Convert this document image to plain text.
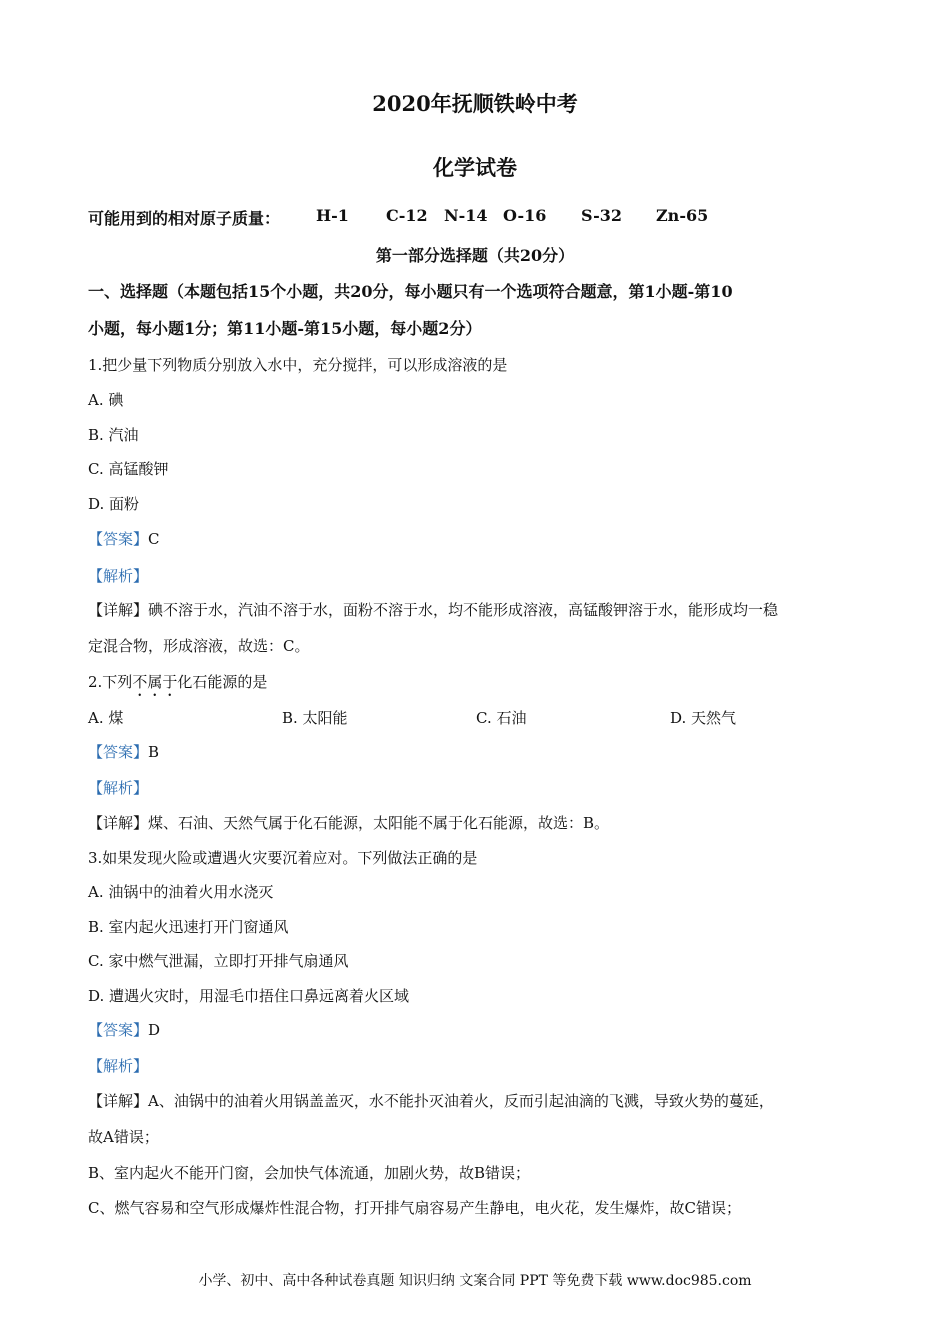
2020年抚顺铁岭中考
化学试卷
可能用到的相对原子质量： H-1 C-12 N-14 O-16 S-32 Zn-65
第一部分选择题（共20分）
一、选择题（本题包括15个小题，共20分，每小题只有一个选项符合题意，第1小题-第10
小题，每小题1分；第11小题-第15小题，每小题2分）
1.把少量下列物质分别放入水中，充分搅拌，可以形成溶液的是
A. 碘
B. 汽油
C. 高锰酸钾
D. 面粉
【答案】C
【解析】
【详解】碘不溶于水，汽油不溶于水，面粉不溶于水，均不能形成溶液，高锰酸钾溶于水，能形成均一稳
定混合物，形成溶液，故选：C。
2.下列不属于化石能源的是
A. 煤	B. 太阳能	C. 石油	D. 天然气
【答案】B
【解析】
【详解】煤、石油、天然气属于化石能源，太阳能不属于化石能源，故选：B。
3.如果发现火险或遭遇火灾要沉着应对。下列做法正确的是
A. 油锅中的油着火用水浇灭
B. 室内起火迅速打开门窗通风
C. 家中燃气泄漏，立即打开排气扇通风
D. 遭遇火灾时，用湿毛巾捂住口鼻远离着火区域
【答案】D
【解析】
【详解】A、油锅中的油着火用锅盖盖灭，水不能扑灭油着火，反而引起油滴的飞溅，导致火势的蔓延，
故A错误；
B、室内起火不能开门窗，会加快气体流通，加剧火势，故B错误；
C、燃气容易和空气形成爆炸性混合物，打开排气扇容易产生静电，电火花，发生爆炸，故C错误；
小学、初中、高中各种试卷真题 知识归纳 文案合同 PPT 等免费下载 www.doc985.com
